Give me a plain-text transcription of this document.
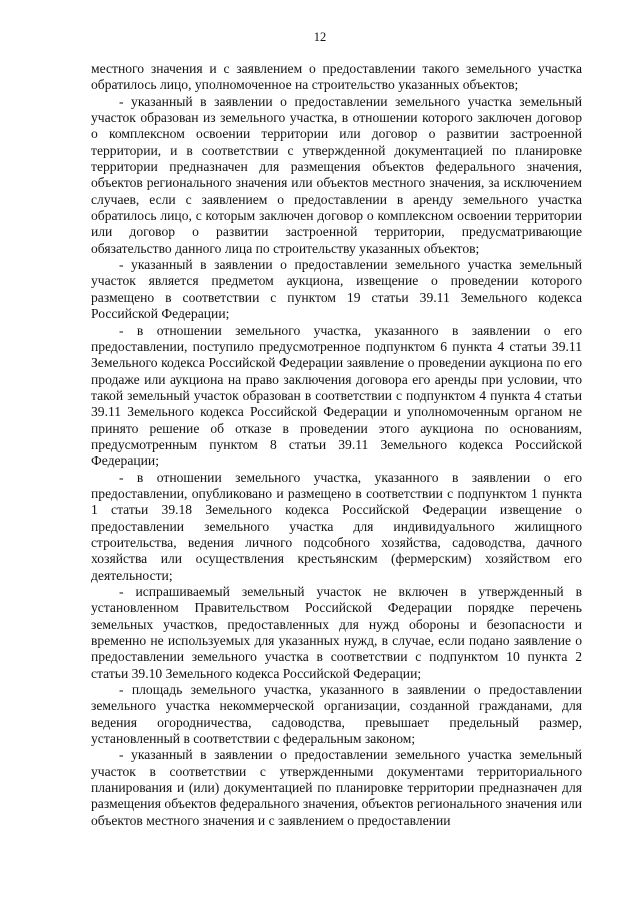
12

местного значения и с заявлением о предоставлении такого земельного участка обратилось лицо, уполномоченное на строительство указанных объектов;

- указанный в заявлении о предоставлении земельного участка земельный участок образован из земельного участка, в отношении которого заключен договор о комплексном освоении территории или договор о развитии застроенной территории, и в соответствии с утвержденной документацией по планировке территории предназначен для размещения объектов федерального значения, объектов регионального значения или объектов местного значения, за исключением случаев, если с заявлением о предоставлении в аренду земельного участка обратилось лицо, с которым заключен договор о комплексном освоении территории или договор о развитии застроенной территории, предусматривающие обязательство данного лица по строительству указанных объектов;

- указанный в заявлении о предоставлении земельного участка земельный участок является предметом аукциона, извещение о проведении которого размещено в соответствии с пунктом 19 статьи 39.11 Земельного кодекса Российской Федерации;

- в отношении земельного участка, указанного в заявлении о его предоставлении, поступило предусмотренное подпунктом 6 пункта 4 статьи 39.11 Земельного кодекса Российской Федерации заявление о проведении аукциона по его продаже или аукциона на право заключения договора его аренды при условии, что такой земельный участок образован в соответствии с подпунктом 4 пункта 4 статьи 39.11 Земельного кодекса Российской Федерации и уполномоченным органом не принято решение об отказе в проведении этого аукциона по основаниям, предусмотренным пунктом 8 статьи 39.11 Земельного кодекса Российской Федерации;

- в отношении земельного участка, указанного в заявлении о его предоставлении, опубликовано и размещено в соответствии с подпунктом 1 пункта 1 статьи 39.18 Земельного кодекса Российской Федерации извещение о предоставлении земельного участка для индивидуального жилищного строительства, ведения личного подсобного хозяйства, садоводства, дачного хозяйства или осуществления крестьянским (фермерским) хозяйством его деятельности;

- испрашиваемый земельный участок не включен в утвержденный в установленном Правительством Российской Федерации порядке перечень земельных участков, предоставленных для нужд обороны и безопасности и временно не используемых для указанных нужд, в случае, если подано заявление о предоставлении земельного участка в соответствии с подпунктом 10 пункта 2 статьи 39.10 Земельного кодекса Российской Федерации;

- площадь земельного участка, указанного в заявлении о предоставлении земельного участка некоммерческой организации, созданной гражданами, для ведения огородничества, садоводства, превышает предельный размер, установленный в соответствии с федеральным законом;

- указанный в заявлении о предоставлении земельного участка земельный участок в соответствии с утвержденными документами территориального планирования и (или) документацией по планировке территории предназначен для размещения объектов федерального значения, объектов регионального значения или объектов местного значения и с заявлением о предоставлении
